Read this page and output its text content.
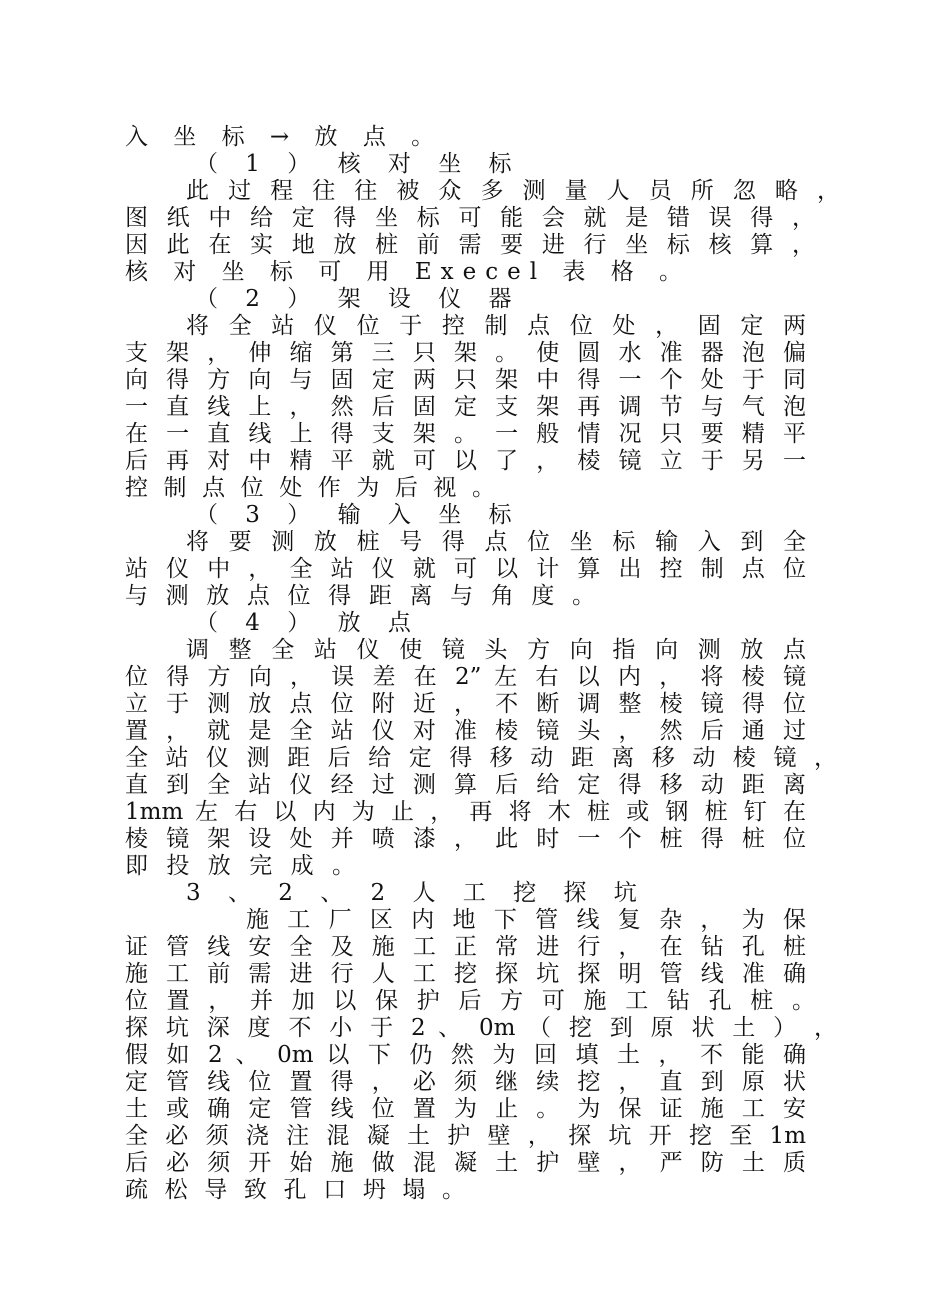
入 坐 标 → 放 点 。
（ 1 ） 核 对 坐 标
此 过 程 往 往 被 众 多 测 量 人 员 所 忽 略 ，
图 纸 中 给 定 得 坐 标 可 能 会 就 是 错 误 得 ，
因 此 在 实 地 放 桩 前 需 要 进 行 坐 标 核 算 ，
核 对 坐 标 可 用 Execel 表 格 。
（ 2 ） 架 设 仪 器
将 全 站 仪 位 于 控 制 点 位 处 ， 固 定 两
支 架 ， 伸 缩 第 三 只 架 。 使 圆 水 准 器 泡 偏
向 得 方 向 与 固 定 两 只 架 中 得 一 个 处 于 同
一 直 线 上 ， 然 后 固 定 支 架 再 调 节 与 气 泡
在 一 直 线 上 得 支 架 。 一 般 情 况 只 要 精 平
后 再 对 中 精 平 就 可 以 了 ， 棱 镜 立 于 另 一
控 制 点 位 处 作 为 后 视 。
（ 3 ） 输 入 坐 标
将 要 测 放 桩 号 得 点 位 坐 标 输 入 到 全
站 仪 中 ， 全 站 仪 就 可 以 计 算 出 控 制 点 位
与 测 放 点 位 得 距 离 与 角 度 。
（ 4 ） 放 点
调 整 全 站 仪 使 镜 头 方 向 指 向 测 放 点
位 得 方 向 ， 误 差 在 2” 左 右 以 内 ， 将 棱 镜
立 于 测 放 点 位 附 近 ， 不 断 调 整 棱 镜 得 位
置 ， 就 是 全 站 仪 对 准 棱 镜 头 ， 然 后 通 过
全 站 仪 测 距 后 给 定 得 移 动 距 离 移 动 棱 镜 ，
直 到 全 站 仪 经 过 测 算 后 给 定 得 移 动 距 离
1mm 左 右 以 内 为 止 ， 再 将 木 桩 或 钢 桩 钉 在
棱 镜 架 设 处 并 喷 漆 ， 此 时 一 个 桩 得 桩 位
即 投 放 完 成 。
3 、 2 、 2 人 工 挖 探 坑
施 工 厂 区 内 地 下 管 线 复 杂 ， 为 保
证 管 线 安 全 及 施 工 正 常 进 行 ， 在 钻 孔 桩
施 工 前 需 进 行 人 工 挖 探 坑 探 明 管 线 准 确
位 置 ， 并 加 以 保 护 后 方 可 施 工 钻 孔 桩 。
探 坑 深 度 不 小 于 2 、 0m （ 挖 到 原 状 土 ） ，
假 如 2 、 0m 以 下 仍 然 为 回 填 土 ， 不 能 确
定 管 线 位 置 得 ， 必 须 继 续 挖 ， 直 到 原 状
土 或 确 定 管 线 位 置 为 止 。 为 保 证 施 工 安
全 必 须 浇 注 混 凝 土 护 壁 ， 探 坑 开 挖 至 1m
后 必 须 开 始 施 做 混 凝 土 护 壁 ， 严 防 土 质
疏 松 导 致 孔 口 坍 塌 。
